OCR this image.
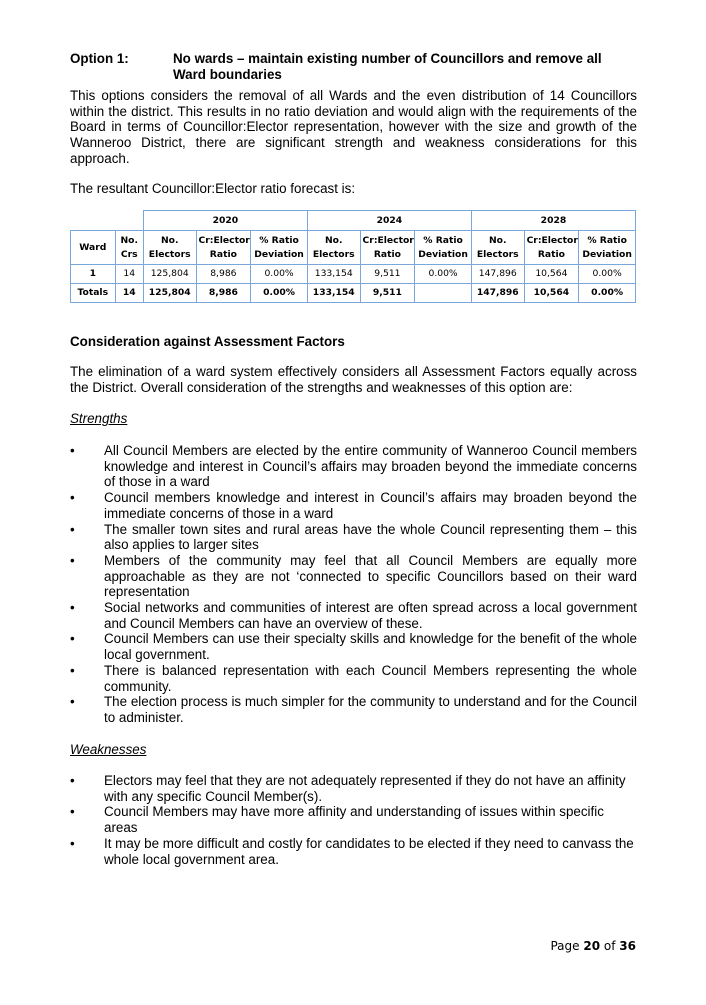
Option 1:	No wards – maintain existing number of Councillors and remove all Ward boundaries

This options considers the removal of all Wards and the even distribution of 14 Councillors within the district. This results in no ratio deviation and would align with the requirements of the Board in terms of Councillor:Elector representation, however with the size and growth of the Wanneroo District, there are significant strength and weakness considerations for this approach.

The resultant Councillor:Elector ratio forecast is:

		2020			2024			2028		
Ward	No. Crs	No. Electors	Cr:Elector Ratio	% Ratio Deviation	No. Electors	Cr:Elector Ratio	% Ratio Deviation	No. Electors	Cr:Elector Ratio	% Ratio Deviation
1	14	125,804	8,986	0.00%	133,154	9,511	0.00%	147,896	10,564	0.00%
Totals	14	125,804	8,986	0.00%	133,154	9,511		147,896	10,564	0.00%
Consideration against Assessment Factors

The elimination of a ward system effectively considers all Assessment Factors equally across the District. Overall consideration of the strengths and weaknesses of this option are:

Strengths
• All Council Members are elected by the entire community of Wanneroo Council members knowledge and interest in Council’s affairs may broaden beyond the immediate concerns of those in a ward
• Council members knowledge and interest in Council’s affairs may broaden beyond the immediate concerns of those in a ward
• The smaller town sites and rural areas have the whole Council representing them – this also applies to larger sites
• Members of the community may feel that all Council Members are equally more approachable as they are not ‘connected to specific Councillors based on their ward representation
• Social networks and communities of interest are often spread across a local government and Council Members can have an overview of these.
• Council Members can use their specialty skills and knowledge for the benefit of the whole local government.
• There is balanced representation with each Council Members representing the whole community.
• The election process is much simpler for the community to understand and for the Council to administer.
Weaknesses
• Electors may feel that they are not adequately represented if they do not have an affinity with any specific Council Member(s).
• Council Members may have more affinity and understanding of issues within specific areas
• It may be more difficult and costly for candidates to be elected if they need to canvass the whole local government area.
Page 20 of 36
